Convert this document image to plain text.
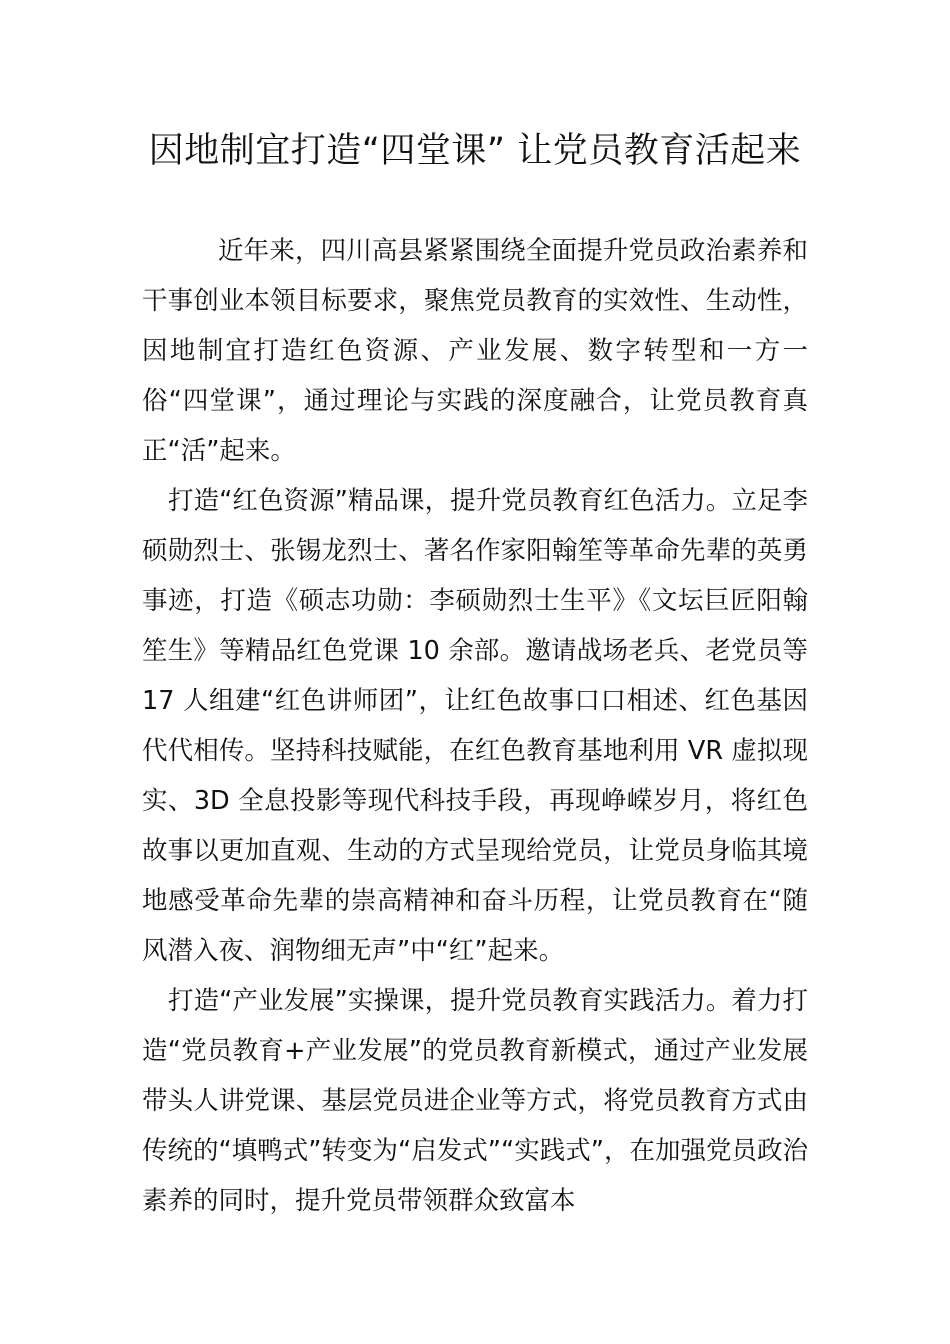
因地制宜打造“四堂课” 让党员教育活起来

近年来，四川高县紧紧围绕全面提升党员政治素养和干事创业本领目标要求，聚焦党员教育的实效性、生动性，因地制宜打造红色资源、产业发展、数字转型和一方一俗“四堂课”，通过理论与实践的深度融合，让党员教育真正“活”起来。

打造“红色资源”精品课，提升党员教育红色活力。立足李硕勋烈士、张锡龙烈士、著名作家阳翰笙等革命先辈的英勇事迹，打造《硕志功勋：李硕勋烈士生平》《文坛巨匠阳翰笙生》等精品红色党课 10 余部。邀请战场老兵、老党员等 17 人组建“红色讲师团”，让红色故事口口相述、红色基因代代相传。坚持科技赋能，在红色教育基地利用 VR 虚拟现实、3D 全息投影等现代科技手段，再现峥嵘岁月，将红色故事以更加直观、生动的方式呈现给党员，让党员身临其境地感受革命先辈的崇高精神和奋斗历程，让党员教育在“随风潜入夜、润物细无声”中“红”起来。

打造“产业发展”实操课，提升党员教育实践活力。着力打造“党员教育+产业发展”的党员教育新模式，通过产业发展带头人讲党课、基层党员进企业等方式，将党员教育方式由传统的“填鸭式”转变为“启发式”“实践式”，在加强党员政治素养的同时，提升党员带领群众致富本
